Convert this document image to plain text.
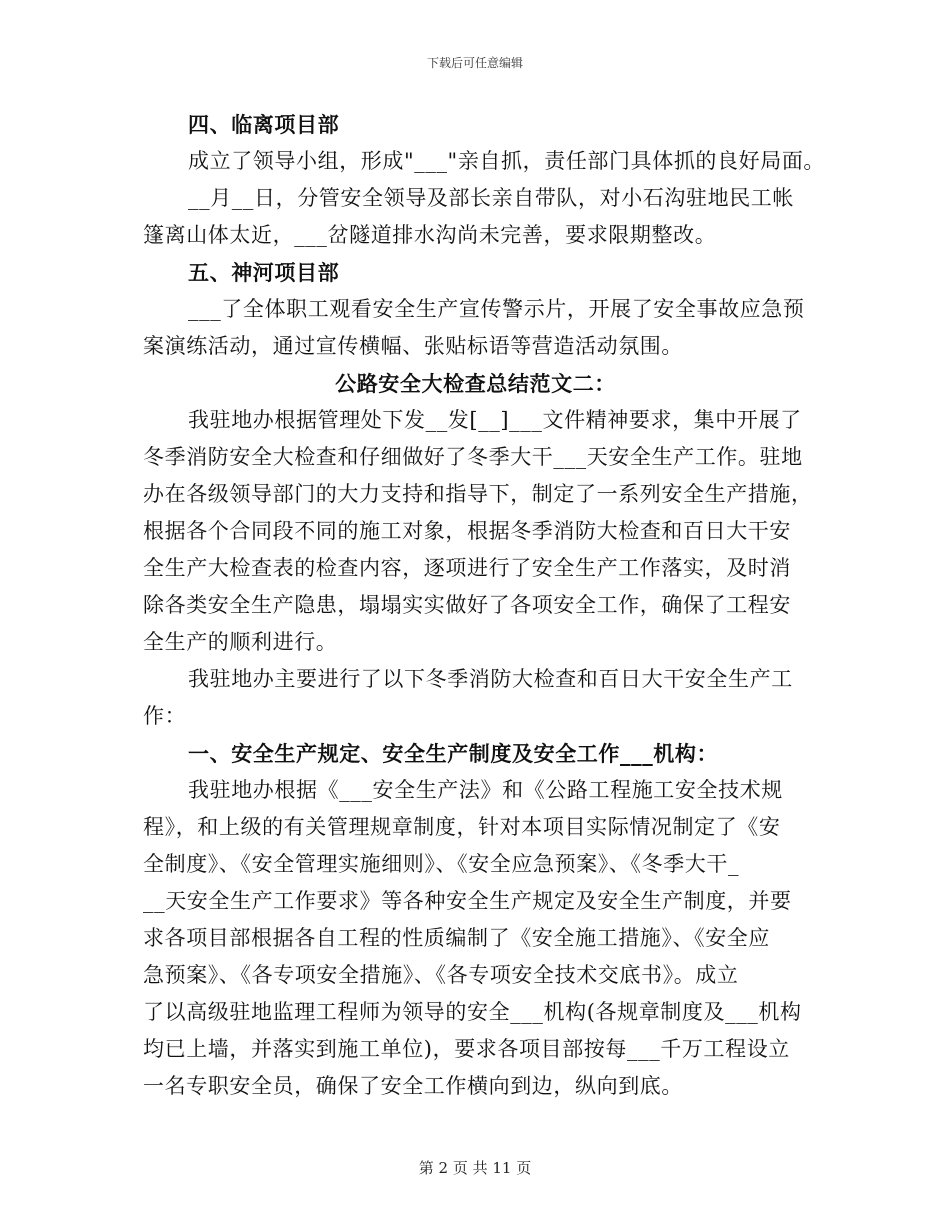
下载后可任意编辑
四、临离项目部
成立了领导小组，形成"___"亲自抓，责任部门具体抓的良好局面。
__月__日，分管安全领导及部长亲自带队，对小石沟驻地民工帐
篷离山体太近，___岔隧道排水沟尚未完善，要求限期整改。
五、神河项目部
___了全体职工观看安全生产宣传警示片，开展了安全事故应急预
案演练活动，通过宣传横幅、张贴标语等营造活动氛围。
公路安全大检查总结范文二：
我驻地办根据管理处下发__发[__]___文件精神要求，集中开展了
冬季消防安全大检查和仔细做好了冬季大干___天安全生产工作。驻地
办在各级领导部门的大力支持和指导下，制定了一系列安全生产措施，
根据各个合同段不同的施工对象，根据冬季消防大检查和百日大干安
全生产大检查表的检查内容，逐项进行了安全生产工作落实，及时消
除各类安全生产隐患，塌塌实实做好了各项安全工作，确保了工程安
全生产的顺利进行。
我驻地办主要进行了以下冬季消防大检查和百日大干安全生产工
作：
一、安全生产规定、安全生产制度及安全工作___机构：
我驻地办根据《___安全生产法》和《公路工程施工安全技术规
程》，和上级的有关管理规章制度，针对本项目实际情况制定了《安
全制度》、《安全管理实施细则》、《安全应急预案》、《冬季大干_
__天安全生产工作要求》等各种安全生产规定及安全生产制度，并要
求各项目部根据各自工程的性质编制了《安全施工措施》、《安全应
急预案》、《各专项安全措施》、《各专项安全技术交底书》。成立
了以高级驻地监理工程师为领导的安全___机构(各规章制度及___机构
均已上墙，并落实到施工单位)，要求各项目部按每___千万工程设立
一名专职安全员，确保了安全工作横向到边，纵向到底。
第 2 页 共 11 页
